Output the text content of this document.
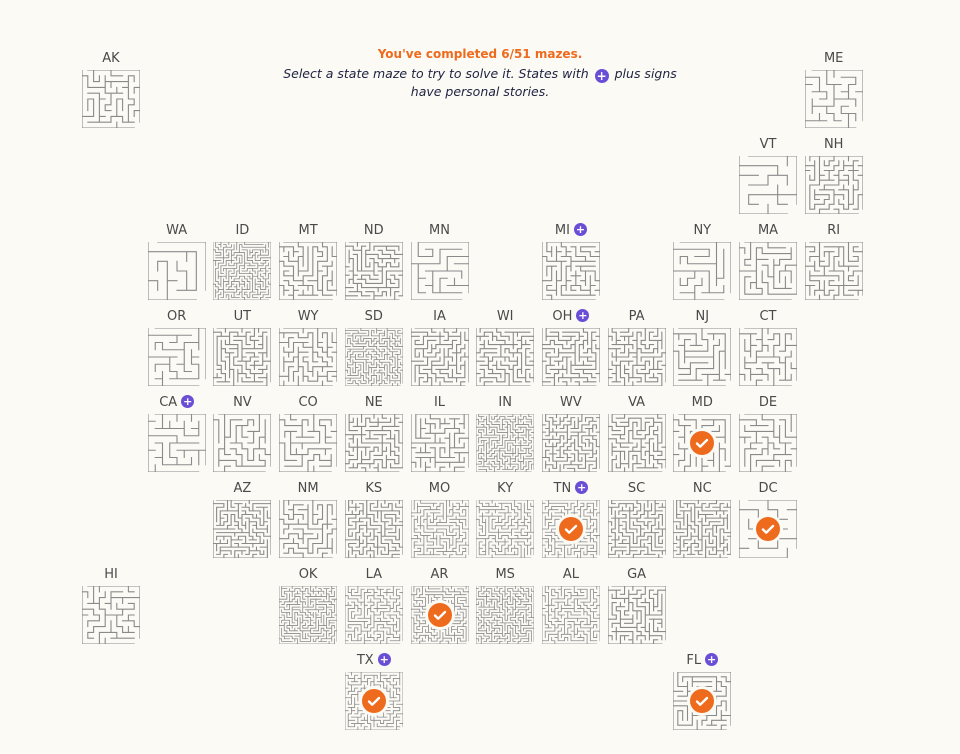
You've completed 6/51 mazes.
Select a state maze to try to solve it. States with + plus signs have personal stories.
AK	ME
VT	NH
WA	ID	MT	ND	MN	MI +	NY	MA	RI
OR	UT	WY	SD	IA	WI	OH +	PA	NJ	CT
CA +	NV	CO	NE	IL	IN	WV	VA	MD	DE
AZ	NM	KS	MO	KY	TN +	SC	NC	DC
HI	OK	LA	AR	MS	AL	GA
TX +	FL +
